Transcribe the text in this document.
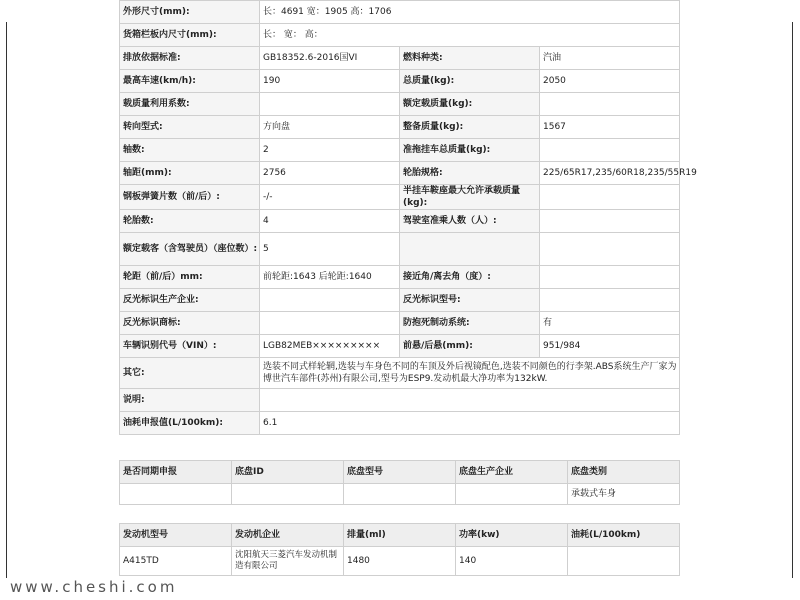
外形尺寸(mm):	长：4691 宽：1905 高：1706		
货箱栏板内尺寸(mm):	长： 宽： 高：		
排放依据标准:	GB18352.6-2016国VI	燃料种类:	汽油
最高车速(km/h):	190	总质量(kg):	2050
载质量利用系数:		额定载质量(kg):	
转向型式:	方向盘	整备质量(kg):	1567
轴数:	2	准拖挂车总质量(kg):	
轴距(mm):	2756	轮胎规格:	225/65R17,235/60R18,235/55R19
钢板弹簧片数（前/后）:	-/-	半挂车鞍座最大允许承载质量(kg):	
轮胎数:	4	驾驶室准乘人数（人）:	
额定载客（含驾驶员）（座位数）:	5		
轮距（前/后）mm:	前轮距:1643 后轮距:1640	接近角/离去角（度）:	
反光标识生产企业:		反光标识型号:	
反光标识商标:		防抱死制动系统:	有
车辆识别代号（VIN）:	LGB82MEB×××××××××	前悬/后悬(mm):	951/984
其它:	选装不同式样轮辋,选装与车身色不同的车顶及外后视镜配色,选装不同颜色的行李架.ABS系统生产厂家为博世汽车部件(苏州)有限公司,型号为ESP9.发动机最大净功率为132kW.		
说明:			
油耗申报值(L/100km):	6.1		
是否同期申报	底盘ID	底盘型号	底盘生产企业	底盘类别
				承载式车身
发动机型号	发动机企业	排量(ml)	功率(kw)	油耗(L/100km)
A415TD	沈阳航天三菱汽车发动机制造有限公司	1480	140	
www.cheshi.com
